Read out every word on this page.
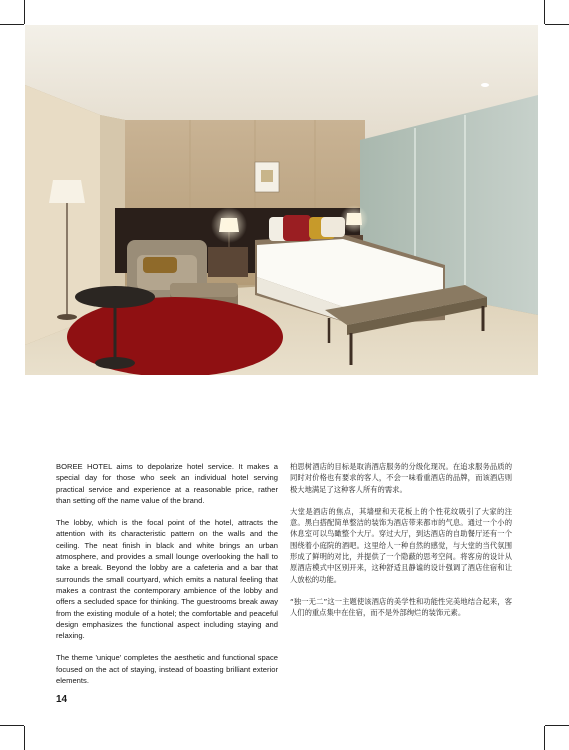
BOREE HOTEL aims to depolarize hotel service. It makes a special day for those who seek an individual hotel serving practical service and experience at a reasonable price, rather than setting off the name value of the brand.

The lobby, which is the focal point of the hotel, attracts the attention with its characteristic pattern on the walls and the ceiling. The neat finish in black and white brings an urban atmosphere, and provides a small lounge overlooking the hall to take a break. Beyond the lobby are a cafeteria and a bar that surrounds the small courtyard, which emits a natural feeling that makes a contrast the contemporary ambience of the lobby and offers a secluded space for thinking. The guestrooms break away from the existing module of a hotel; the comfortable and peaceful design emphasizes the functional aspect including staying and relaxing.

The theme 'unique' completes the aesthetic and functional space focused on the act of staying, instead of boasting brilliant exterior elements.

柏思树酒店的目标是取消酒店服务的分级化现况。在追求服务品质的同时对价格也有要求的客人，不会一味看重酒店的品牌，而该酒店则极大地满足了这种客人所有的需求。

大堂是酒店的焦点，其墙壁和天花板上的个性花纹吸引了大家的注意。黑白搭配简单整洁的装饰为酒店带来都市的气息。通过一个小的休息室可以鸟瞰整个大厅。穿过大厅，到达酒店的自助餐厅还有一个围绕着小庭院的酒吧。这里给人一种自然的感觉，与大堂的当代氛围形成了鲜明的对比，并提供了一个隐蔽的思考空间。将客房的设计从原酒店模式中区别开来，这种舒适且静谧的设计强调了酒店住宿和让人放松的功能。

“独一无二”这一主题使该酒店的美学性和功能性完美地结合起来，客人们的重点集中在住宿，而不是外部绚烂的装饰元素。

14
